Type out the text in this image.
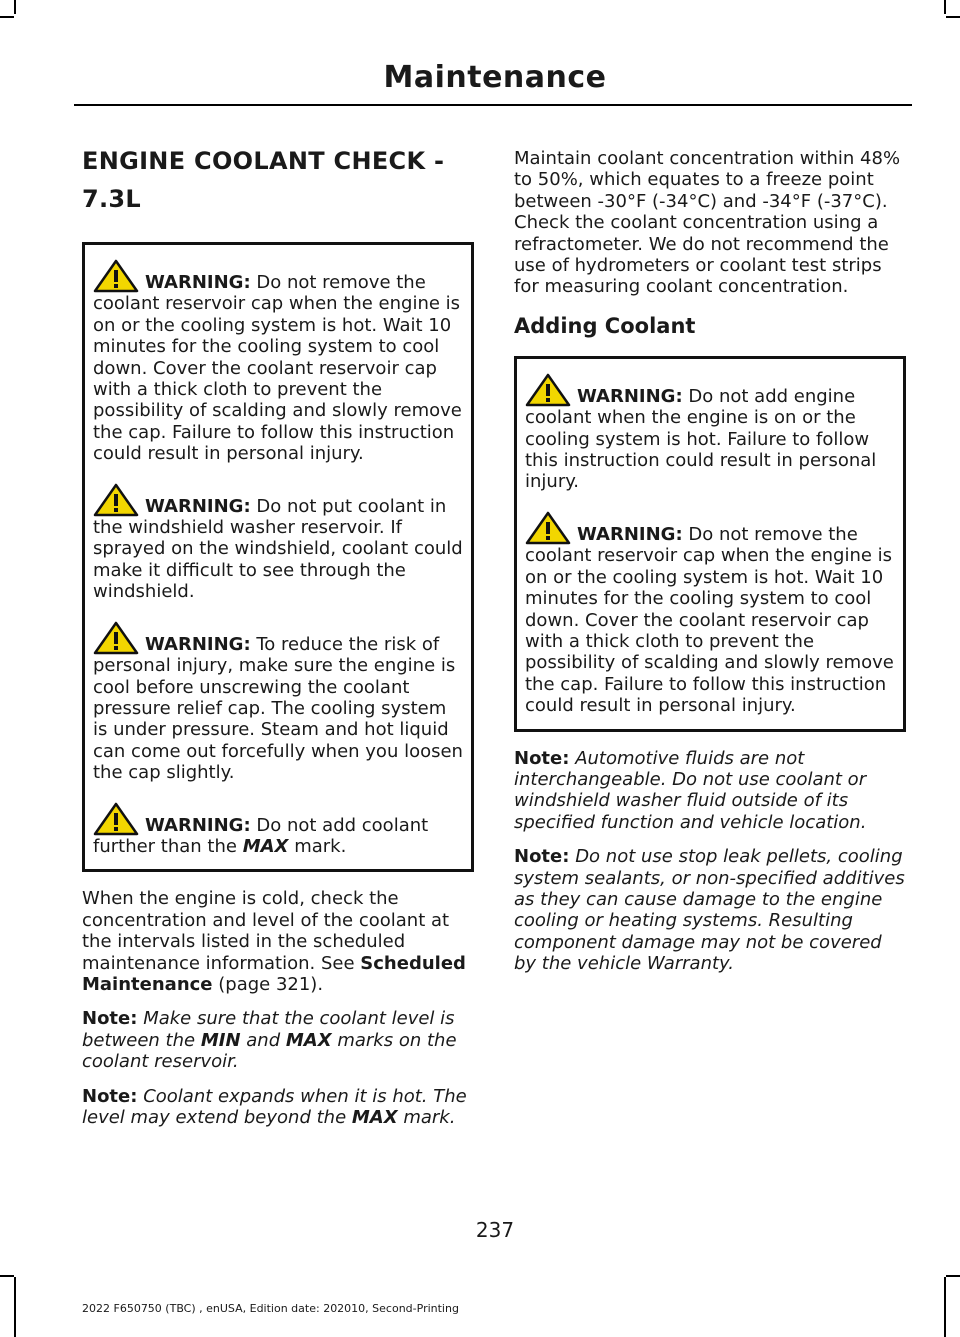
Maintenance
ENGINE COOLANT CHECK -
7.3L
WARNING: Do not remove the coolant reservoir cap when the engine is on or the cooling system is hot. Wait 10 minutes for the cooling system to cool down. Cover the coolant reservoir cap with a thick cloth to prevent the possibility of scalding and slowly remove the cap. Failure to follow this instruction could result in personal injury.
WARNING: Do not put coolant in the windshield washer reservoir. If sprayed on the windshield, coolant could make it difficult to see through the windshield.
WARNING: To reduce the risk of personal injury, make sure the engine is cool before unscrewing the coolant pressure relief cap. The cooling system is under pressure. Steam and hot liquid can come out forcefully when you loosen the cap slightly.
WARNING: Do not add coolant further than the MAX mark.
When the engine is cold, check the concentration and level of the coolant at the intervals listed in the scheduled maintenance information. See Scheduled Maintenance (page 321).
Note: Make sure that the coolant level is between the MIN and MAX marks on the coolant reservoir.
Note: Coolant expands when it is hot. The level may extend beyond the MAX mark.
Maintain coolant concentration within 48% to 50%, which equates to a freeze point between -30°F (-34°C) and -34°F (-37°C). Check the coolant concentration using a refractometer. We do not recommend the use of hydrometers or coolant test strips for measuring coolant concentration.
Adding Coolant
WARNING: Do not add engine coolant when the engine is on or the cooling system is hot. Failure to follow this instruction could result in personal injury.
WARNING: Do not remove the coolant reservoir cap when the engine is on or the cooling system is hot. Wait 10 minutes for the cooling system to cool down. Cover the coolant reservoir cap with a thick cloth to prevent the possibility of scalding and slowly remove the cap. Failure to follow this instruction could result in personal injury.
Note: Automotive fluids are not interchangeable. Do not use coolant or windshield washer fluid outside of its specified function and vehicle location.
Note: Do not use stop leak pellets, cooling system sealants, or non-specified additives as they can cause damage to the engine cooling or heating systems. Resulting component damage may not be covered by the vehicle Warranty.
237
2022 F650750 (TBC) , enUSA, Edition date: 202010, Second-Printing
